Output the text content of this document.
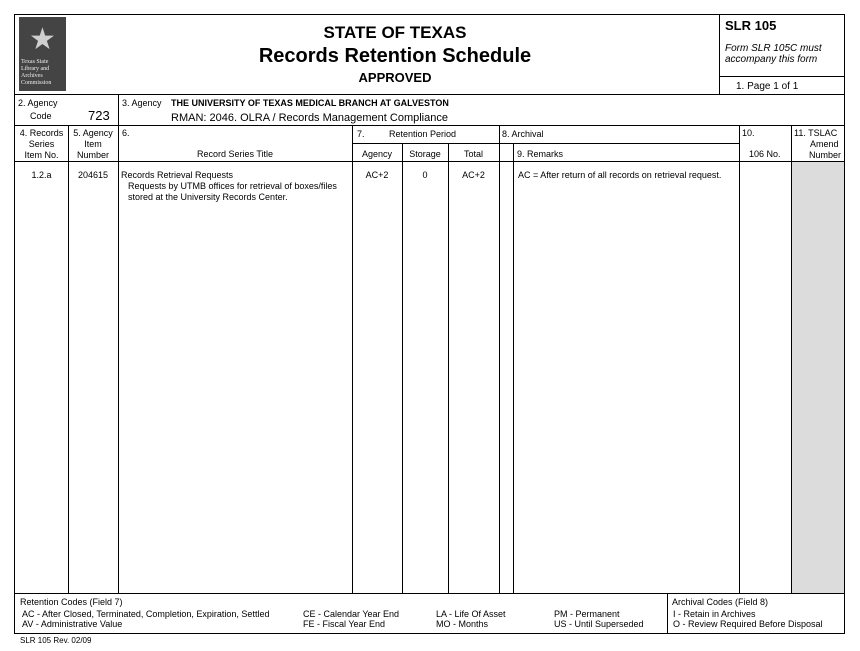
★
Texas State Library and Archives Commission
STATE OF TEXAS
Records Retention Schedule
APPROVED
SLR 105
Form SLR 105C must accompany this form
1. Page 1 of 1
2. Agency
Code	723
3. Agency THE UNIVERSITY OF TEXAS MEDICAL BRANCH AT GALVESTON
RMAN: 2046. OLRA / Records Management Compliance
4. Records
Series
Item No.
5. Agency
Item
Number
6.
Record Series Title
7.	Retention Period
Agency	Storage	Total
8. Archival
9. Remarks
10.
106 No.
11. TSLAC
Amend
Number
1.2.a	204615	Records Retrieval Requests
Requests by UTMB offices for retrieval of boxes/files
stored at the University Records Center.
AC+2	0	AC+2	AC = After return of all records on retrieval request.
Retention Codes (Field 7)
AC - After Closed, Terminated, Completion, Expiration, Settled
AV - Administrative Value
CE - Calendar Year End
FE - Fiscal Year End
LA - Life Of Asset
MO - Months
PM - Permanent
US - Until Superseded
Archival Codes (Field 8)
I - Retain in Archives
O - Review Required Before Disposal
SLR 105 Rev. 02/09
